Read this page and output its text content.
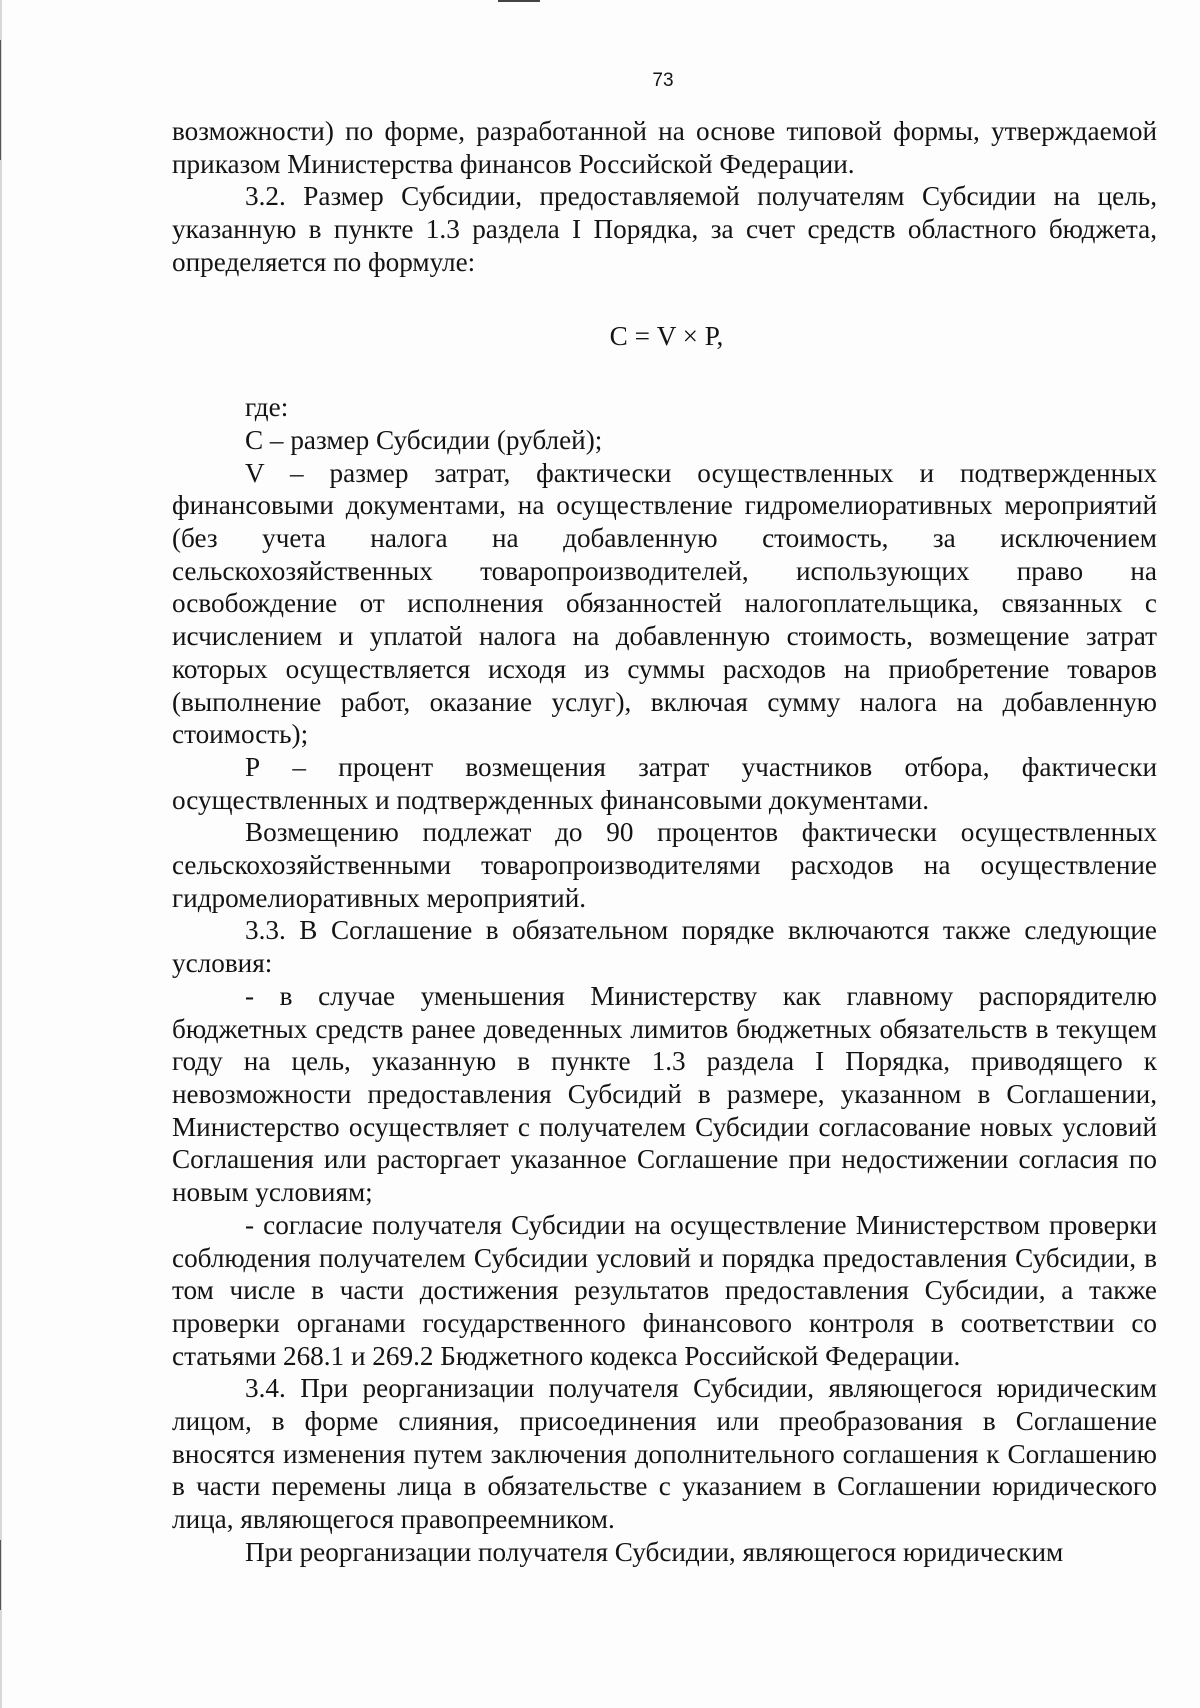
73

возможности) по форме, разработанной на основе типовой формы, утверждаемой приказом Министерства финансов Российской Федерации.

3.2. Размер Субсидии, предоставляемой получателям Субсидии на цель, указанную в пункте 1.3 раздела I Порядка, за счет средств областного бюджета, определяется по формуле:

С = V × Р,

где:

С – размер Субсидии (рублей);

V – размер затрат, фактически осуществленных и подтвержденных финансовыми документами, на осуществление гидромелиоративных мероприятий (без учета налога на добавленную стоимость, за исключением сельскохозяйственных товаропроизводителей, использующих право на освобождение от исполнения обязанностей налогоплательщика, связанных с исчислением и уплатой налога на добавленную стоимость, возмещение затрат которых осуществляется исходя из суммы расходов на приобретение товаров (выполнение работ, оказание услуг), включая сумму налога на добавленную стоимость);

Р – процент возмещения затрат участников отбора, фактически осуществленных и подтвержденных финансовыми документами.

Возмещению подлежат до 90 процентов фактически осуществленных сельскохозяйственными товаропроизводителями расходов на осуществление гидромелиоративных мероприятий.

3.3. В Соглашение в обязательном порядке включаются также следующие условия:

- в случае уменьшения Министерству как главному распорядителю бюджетных средств ранее доведенных лимитов бюджетных обязательств в текущем году на цель, указанную в пункте 1.3 раздела I Порядка, приводящего к невозможности предоставления Субсидий в размере, указанном в Соглашении, Министерство осуществляет с получателем Субсидии согласование новых условий Соглашения или расторгает указанное Соглашение при недостижении согласия по новым условиям;

- согласие получателя Субсидии на осуществление Министерством проверки соблюдения получателем Субсидии условий и порядка предоставления Субсидии, в том числе в части достижения результатов предоставления Субсидии, а также проверки органами государственного финансового контроля в соответствии со статьями 268.1 и 269.2 Бюджетного кодекса Российской Федерации.

3.4. При реорганизации получателя Субсидии, являющегося юридическим лицом, в форме слияния, присоединения или преобразования в Соглашение вносятся изменения путем заключения дополнительного соглашения к Соглашению в части перемены лица в обязательстве с указанием в Соглашении юридического лица, являющегося правопреемником.

При реорганизации получателя Субсидии, являющегося юридическим
